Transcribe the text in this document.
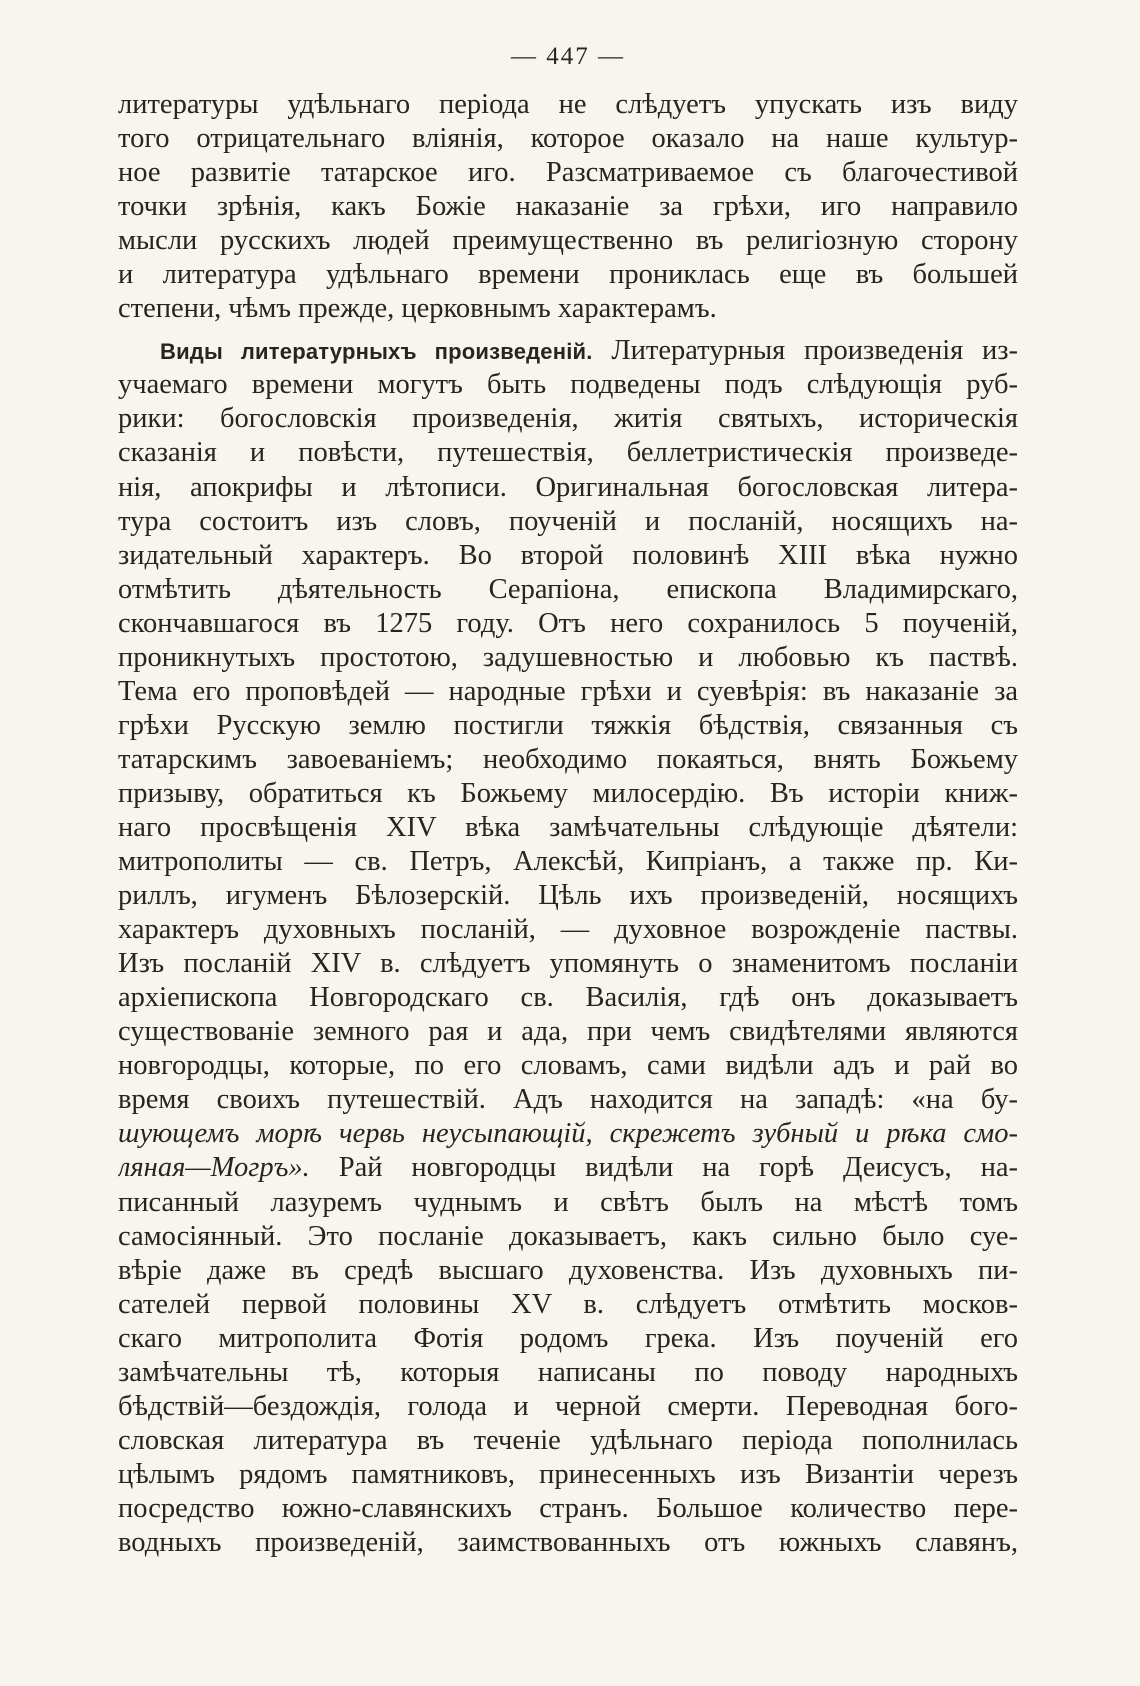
— 447 —
литературы удѣльнаго періода не слѣдуетъ упускать изъ виду
того отрицательнаго вліянія, которое оказало на наше культур-
ное развитіе татарское иго. Разсматриваемое съ благочестивой
точки зрѣнія, какъ Божіе наказаніе за грѣхи, иго направило
мысли русскихъ людей преимущественно въ религіозную сторону
и литература удѣльнаго времени прониклась еще въ большей
степени, чѣмъ прежде, церковнымъ характерамъ.
Виды литературныхъ произведеній. Литературныя произведенія из-
учаемаго времени могутъ быть подведены подъ слѣдующія руб-
рики: богословскія произведенія, житія святыхъ, историческія
сказанія и повѣсти, путешествія, беллетристическія произведе-
нія, апокрифы и лѣтописи. Оригинальная богословская литера-
тура состоитъ изъ словъ, поученій и посланій, носящихъ на-
зидательный характеръ. Во второй половинѣ XIII вѣка нужно
отмѣтить дѣятельность Серапіона, епископа Владимирскаго,
скончавшагося въ 1275 году. Отъ него сохранилось 5 поученій,
проникнутыхъ простотою, задушевностью и любовью къ паствѣ.
Тема его проповѣдей — народные грѣхи и суевѣрія: въ наказаніе за
грѣхи Русскую землю постигли тяжкія бѣдствія, связанныя съ
татарскимъ завоеваніемъ; необходимо покаяться, внять Божьему
призыву, обратиться къ Божьему милосердію. Въ исторіи книж-
наго просвѣщенія XIV вѣка замѣчательны слѣдующіе дѣятели:
митрополиты — св. Петръ, Алексѣй, Кипріанъ, а также пр. Ки-
риллъ, игуменъ Бѣлозерскій. Цѣль ихъ произведеній, носящихъ
характеръ духовныхъ посланій, — духовное возрожденіе паствы.
Изъ посланій XIV в. слѣдуетъ упомянуть о знаменитомъ посланіи
архіепископа Новгородскаго св. Василія, гдѣ онъ доказываетъ
существованіе земного рая и ада, при чемъ свидѣтелями являются
новгородцы, которые, по его словамъ, сами видѣли адъ и рай во
время своихъ путешествій. Адъ находится на западѣ: «на бу-
шующемъ морѣ червь неусыпающій, скрежетъ зубный и рѣка смо-
ляная—Могръ». Рай новгородцы видѣли на горѣ Деисусъ, на-
писанный лазуремъ чуднымъ и свѣтъ былъ на мѣстѣ томъ
самосіянный. Это посланіе доказываетъ, какъ сильно было суе-
вѣріе даже въ средѣ высшаго духовенства. Изъ духовныхъ пи-
сателей первой половины XV в. слѣдуетъ отмѣтить москов-
скаго митрополита Фотія родомъ грека. Изъ поученій его
замѣчательны тѣ, которыя написаны по поводу народныхъ
бѣдствій—бездождія, голода и черной смерти. Переводная бого-
словская литература въ теченіе удѣльнаго періода пополнилась
цѣлымъ рядомъ памятниковъ, принесенныхъ изъ Византіи черезъ
посредство южно-славянскихъ странъ. Большое количество пере-
водныхъ произведеній, заимствованныхъ отъ южныхъ славянъ,
